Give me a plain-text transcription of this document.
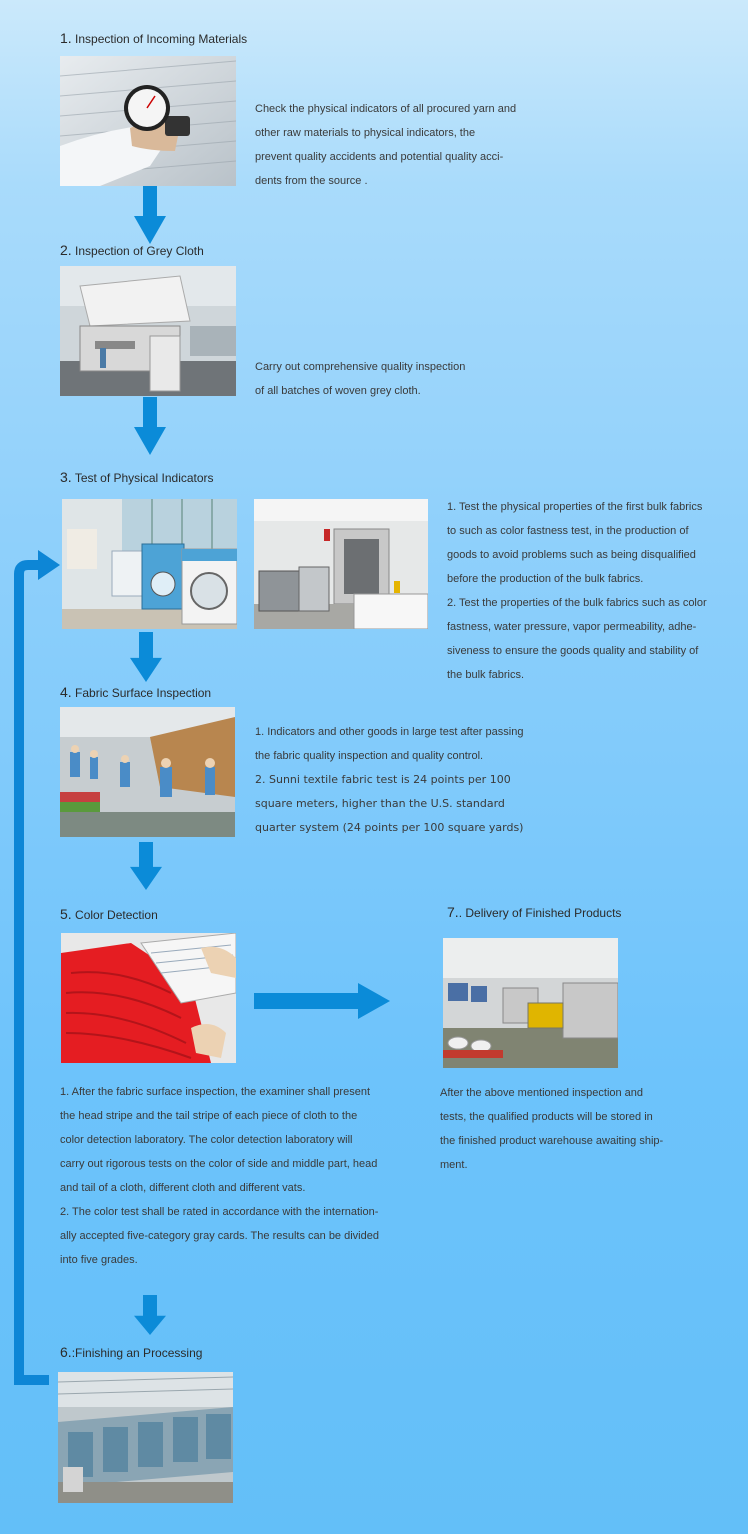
1. Inspection of Incoming Materials

Check the physical indicators of all procured yarn and

other raw materials to physical indicators, the

prevent quality accidents and potential quality acci-

dents from the source .

2. Inspection of Grey Cloth

Carry out comprehensive quality inspection

of all batches of woven grey cloth.

3. Test of Physical Indicators

1. Test the physical properties of the first bulk fabrics

to such as color fastness test, in the production of

goods to avoid problems such as being disqualified

before the production of the bulk fabrics.

2. Test the properties of the bulk fabrics such as color

fastness, water pressure, vapor permeability, adhe-

siveness to ensure the goods quality and stability of

the bulk fabrics.

4. Fabric Surface Inspection

1. Indicators and other goods in large test after passing

the fabric quality inspection and quality control.

2. Sunni textile fabric test is 24 points per 100

square meters, higher than the U.S. standard

quarter system (24 points per 100 square yards)

5. Color Detection

1. After the fabric surface inspection, the examiner shall present

the head stripe and the tail stripe of each piece of cloth to the

color detection laboratory. The color detection laboratory will

carry out rigorous tests on the color of side and middle part, head

and tail of a cloth, different cloth and different vats.

2. The color test shall be rated in accordance with the internation-

ally accepted five-category gray cards. The results can be divided

into five grades.

7.. Delivery of Finished Products

After the above mentioned inspection and

tests, the qualified products will be stored in

the finished product warehouse awaiting ship-

ment.

6.:Finishing an Processing
